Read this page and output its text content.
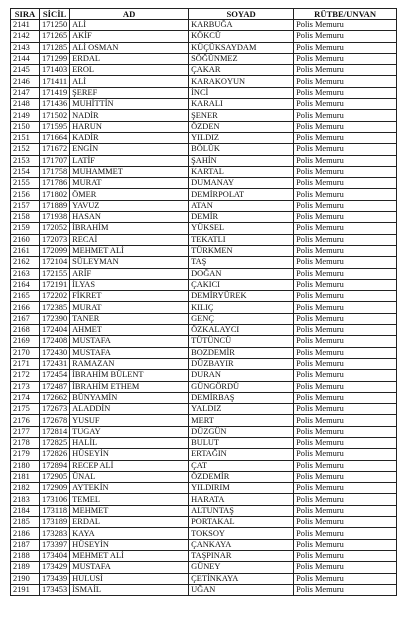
SIRA	SİCİL	AD	SOYAD	RÜTBE/UNVAN
2141	171250	ALİ	KARBUĞA	Polis Memuru
2142	171265	AKİF	KÖKCÜ	Polis Memuru
2143	171285	ALİ OSMAN	KÜÇÜKSAYDAM	Polis Memuru
2144	171299	ERDAL	SÖĞÜNMEZ	Polis Memuru
2145	171403	EROL	ÇAKAR	Polis Memuru
2146	171411	ALİ	KARAKOYUN	Polis Memuru
2147	171419	ŞEREF	İNCİ	Polis Memuru
2148	171436	MUHİTTİN	KARALI	Polis Memuru
2149	171502	NADİR	ŞENER	Polis Memuru
2150	171595	HARUN	ÖZDEN	Polis Memuru
2151	171664	KADİR	YILDIZ	Polis Memuru
2152	171672	ENGİN	BÖLÜK	Polis Memuru
2153	171707	LATİF	ŞAHİN	Polis Memuru
2154	171758	MUHAMMET	KARTAL	Polis Memuru
2155	171786	MURAT	DUMANAY	Polis Memuru
2156	171802	ÖMER	DEMİRPOLAT	Polis Memuru
2157	171889	YAVUZ	ATAN	Polis Memuru
2158	171938	HASAN	DEMİR	Polis Memuru
2159	172052	İBRAHİM	YÜKSEL	Polis Memuru
2160	172073	RECAİ	TEKATLI	Polis Memuru
2161	172099	MEHMET ALİ	TÜRKMEN	Polis Memuru
2162	172104	SÜLEYMAN	TAŞ	Polis Memuru
2163	172155	ARİF	DOĞAN	Polis Memuru
2164	172191	İLYAS	ÇAKICI	Polis Memuru
2165	172202	FİKRET	DEMİRYÜREK	Polis Memuru
2166	172385	MURAT	KILIÇ	Polis Memuru
2167	172390	TANER	GENÇ	Polis Memuru
2168	172404	AHMET	ÖZKALAYCI	Polis Memuru
2169	172408	MUSTAFA	TÜTÜNCÜ	Polis Memuru
2170	172430	MUSTAFA	BOZDEMİR	Polis Memuru
2171	172431	RAMAZAN	DÜZBAYIR	Polis Memuru
2172	172454	İBRAHİM BÜLENT	DURAN	Polis Memuru
2173	172487	İBRAHİM ETHEM	GÜNGÖRDÜ	Polis Memuru
2174	172662	BÜNYAMİN	DEMİRBAŞ	Polis Memuru
2175	172673	ALADDİN	YALDIZ	Polis Memuru
2176	172678	YUSUF	MERT	Polis Memuru
2177	172814	TUGAY	DÜZGÜN	Polis Memuru
2178	172825	HALİL	BULUT	Polis Memuru
2179	172826	HÜSEYİN	ERTAĞIN	Polis Memuru
2180	172894	RECEP ALİ	ÇAT	Polis Memuru
2181	172905	ÜNAL	ÖZDEMİR	Polis Memuru
2182	172909	AYTEKİN	YILDIRIM	Polis Memuru
2183	173106	TEMEL	HARATA	Polis Memuru
2184	173118	MEHMET	ALTUNTAŞ	Polis Memuru
2185	173189	ERDAL	PORTAKAL	Polis Memuru
2186	173283	KAYA	TOKSOY	Polis Memuru
2187	173397	HÜSEYİN	ÇANKAYA	Polis Memuru
2188	173404	MEHMET ALİ	TAŞPINAR	Polis Memuru
2189	173429	MUSTAFA	GÜNEY	Polis Memuru
2190	173439	HULUSİ	ÇETİNKAYA	Polis Memuru
2191	173453	İSMAİL	UĞAN	Polis Memuru
